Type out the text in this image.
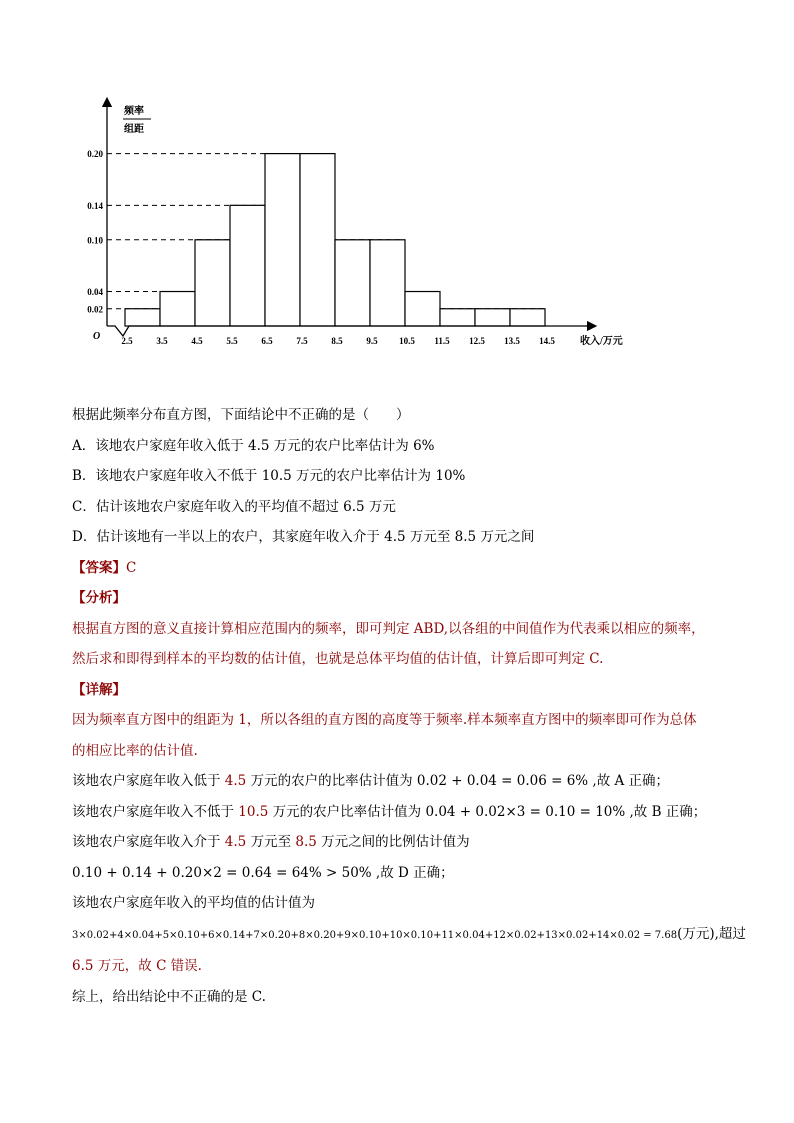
0.02
0.04
0.10
0.14
0.20
2.5	3.5	4.5	5.5	6.5	7.5	8.5	9.5 10.5 11.5 12.5 13.5 14.5
O
频率
组距
收入/万元
根据此频率分布直方图，下面结论中不正确的是（　　）
A．该地农户家庭年收入低于 4.5 万元的农户比率估计为 6%
B．该地农户家庭年收入不低于 10.5 万元的农户比率估计为 10%
C．估计该地农户家庭年收入的平均值不超过 6.5 万元
D．估计该地有一半以上的农户，其家庭年收入介于 4.5 万元至 8.5 万元之间
【答案】C
【分析】
根据直方图的意义直接计算相应范围内的频率，即可判定 ABD,以各组的中间值作为代表乘以相应的频率，
然后求和即得到样本的平均数的估计值，也就是总体平均值的估计值，计算后即可判定 C.
【详解】
因为频率直方图中的组距为 1，所以各组的直方图的高度等于频率.样本频率直方图中的频率即可作为总体
的相应比率的估计值.
该地农户家庭年收入低于 4.5 万元的农户的比率估计值为 0.02 + 0.04 = 0.06 = 6% ,故 A 正确；
该地农户家庭年收入不低于 10.5 万元的农户比率估计值为 0.04 + 0.02×3 = 0.10 = 10% ,故 B 正确；
该地农户家庭年收入介于 4.5 万元至 8.5 万元之间的比例估计值为
0.10 + 0.14 + 0.20×2 = 0.64 = 64% > 50% ,故 D 正确；
该地农户家庭年收入的平均值的估计值为
3×0.02+4×0.04+5×0.10+6×0.14+7×0.20+8×0.20+9×0.10+10×0.10+11×0.04+12×0.02+13×0.02+14×0.02 = 7.68(万元),超过
6.5 万元，故 C 错误.
综上，给出结论中不正确的是 C.
